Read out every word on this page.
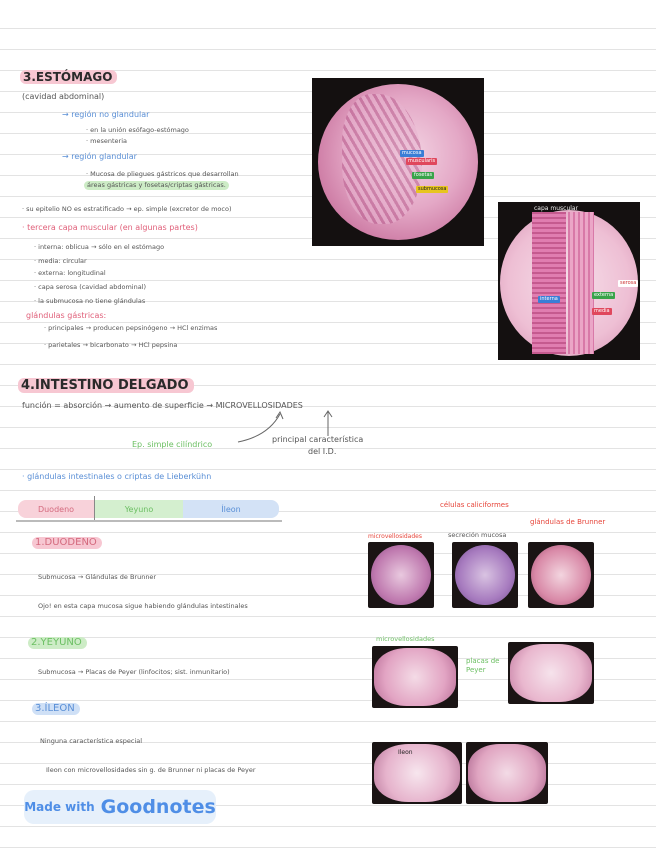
3.ESTÓMAGO
(cavidad abdominal)
→ región no glandular
· en la unión esófago-estómago
· mesenteria
→ región glandular
· Mucosa de pliegues gástricos que desarrollan
áreas gástricas y fosetas/criptas gástricas.
· su epitelio NO es estratificado → ep. simple (excretor de moco)
· tercera capa muscular (en algunas partes)
· interna: oblicua → sólo en el estómago
· media: circular
· externa: longitudinal
· capa serosa (cavidad abdominal)
· la submucosa no tiene glándulas
glándulas gástricas:
· principales → producen pepsinógeno → HCl enzimas
· parietales → bicarbonato → HCl pepsina
mucosa
muscularis
fosetas
submucosa
capa muscular
interna
externa
media
serosa
4.INTESTINO DELGADO
función = absorción → aumento de superficie → MICROVELLOSIDADES
Ep. simple cilíndrico
principal característica
del I.D.
· glándulas intestinales o criptas de Lieberkühn
Duodeno	Yeyuno	Íleon
1.DUODENO
Submucosa → Glándulas de Brunner
Ojo! en esta capa mucosa sigue habiendo glándulas intestinales
microvellosidades
células caliciformes
secreción mucosa
glándulas de Brunner
2.YEYUNO
Submucosa → Placas de Peyer (linfocitos; sist. inmunitario)
microvellosidades
placas de Peyer
3.ÍLEON
Ninguna característica especial
Ileon con microvellosidades sin g. de Brunner ni placas de Peyer
Ileon
Made with Goodnotes
